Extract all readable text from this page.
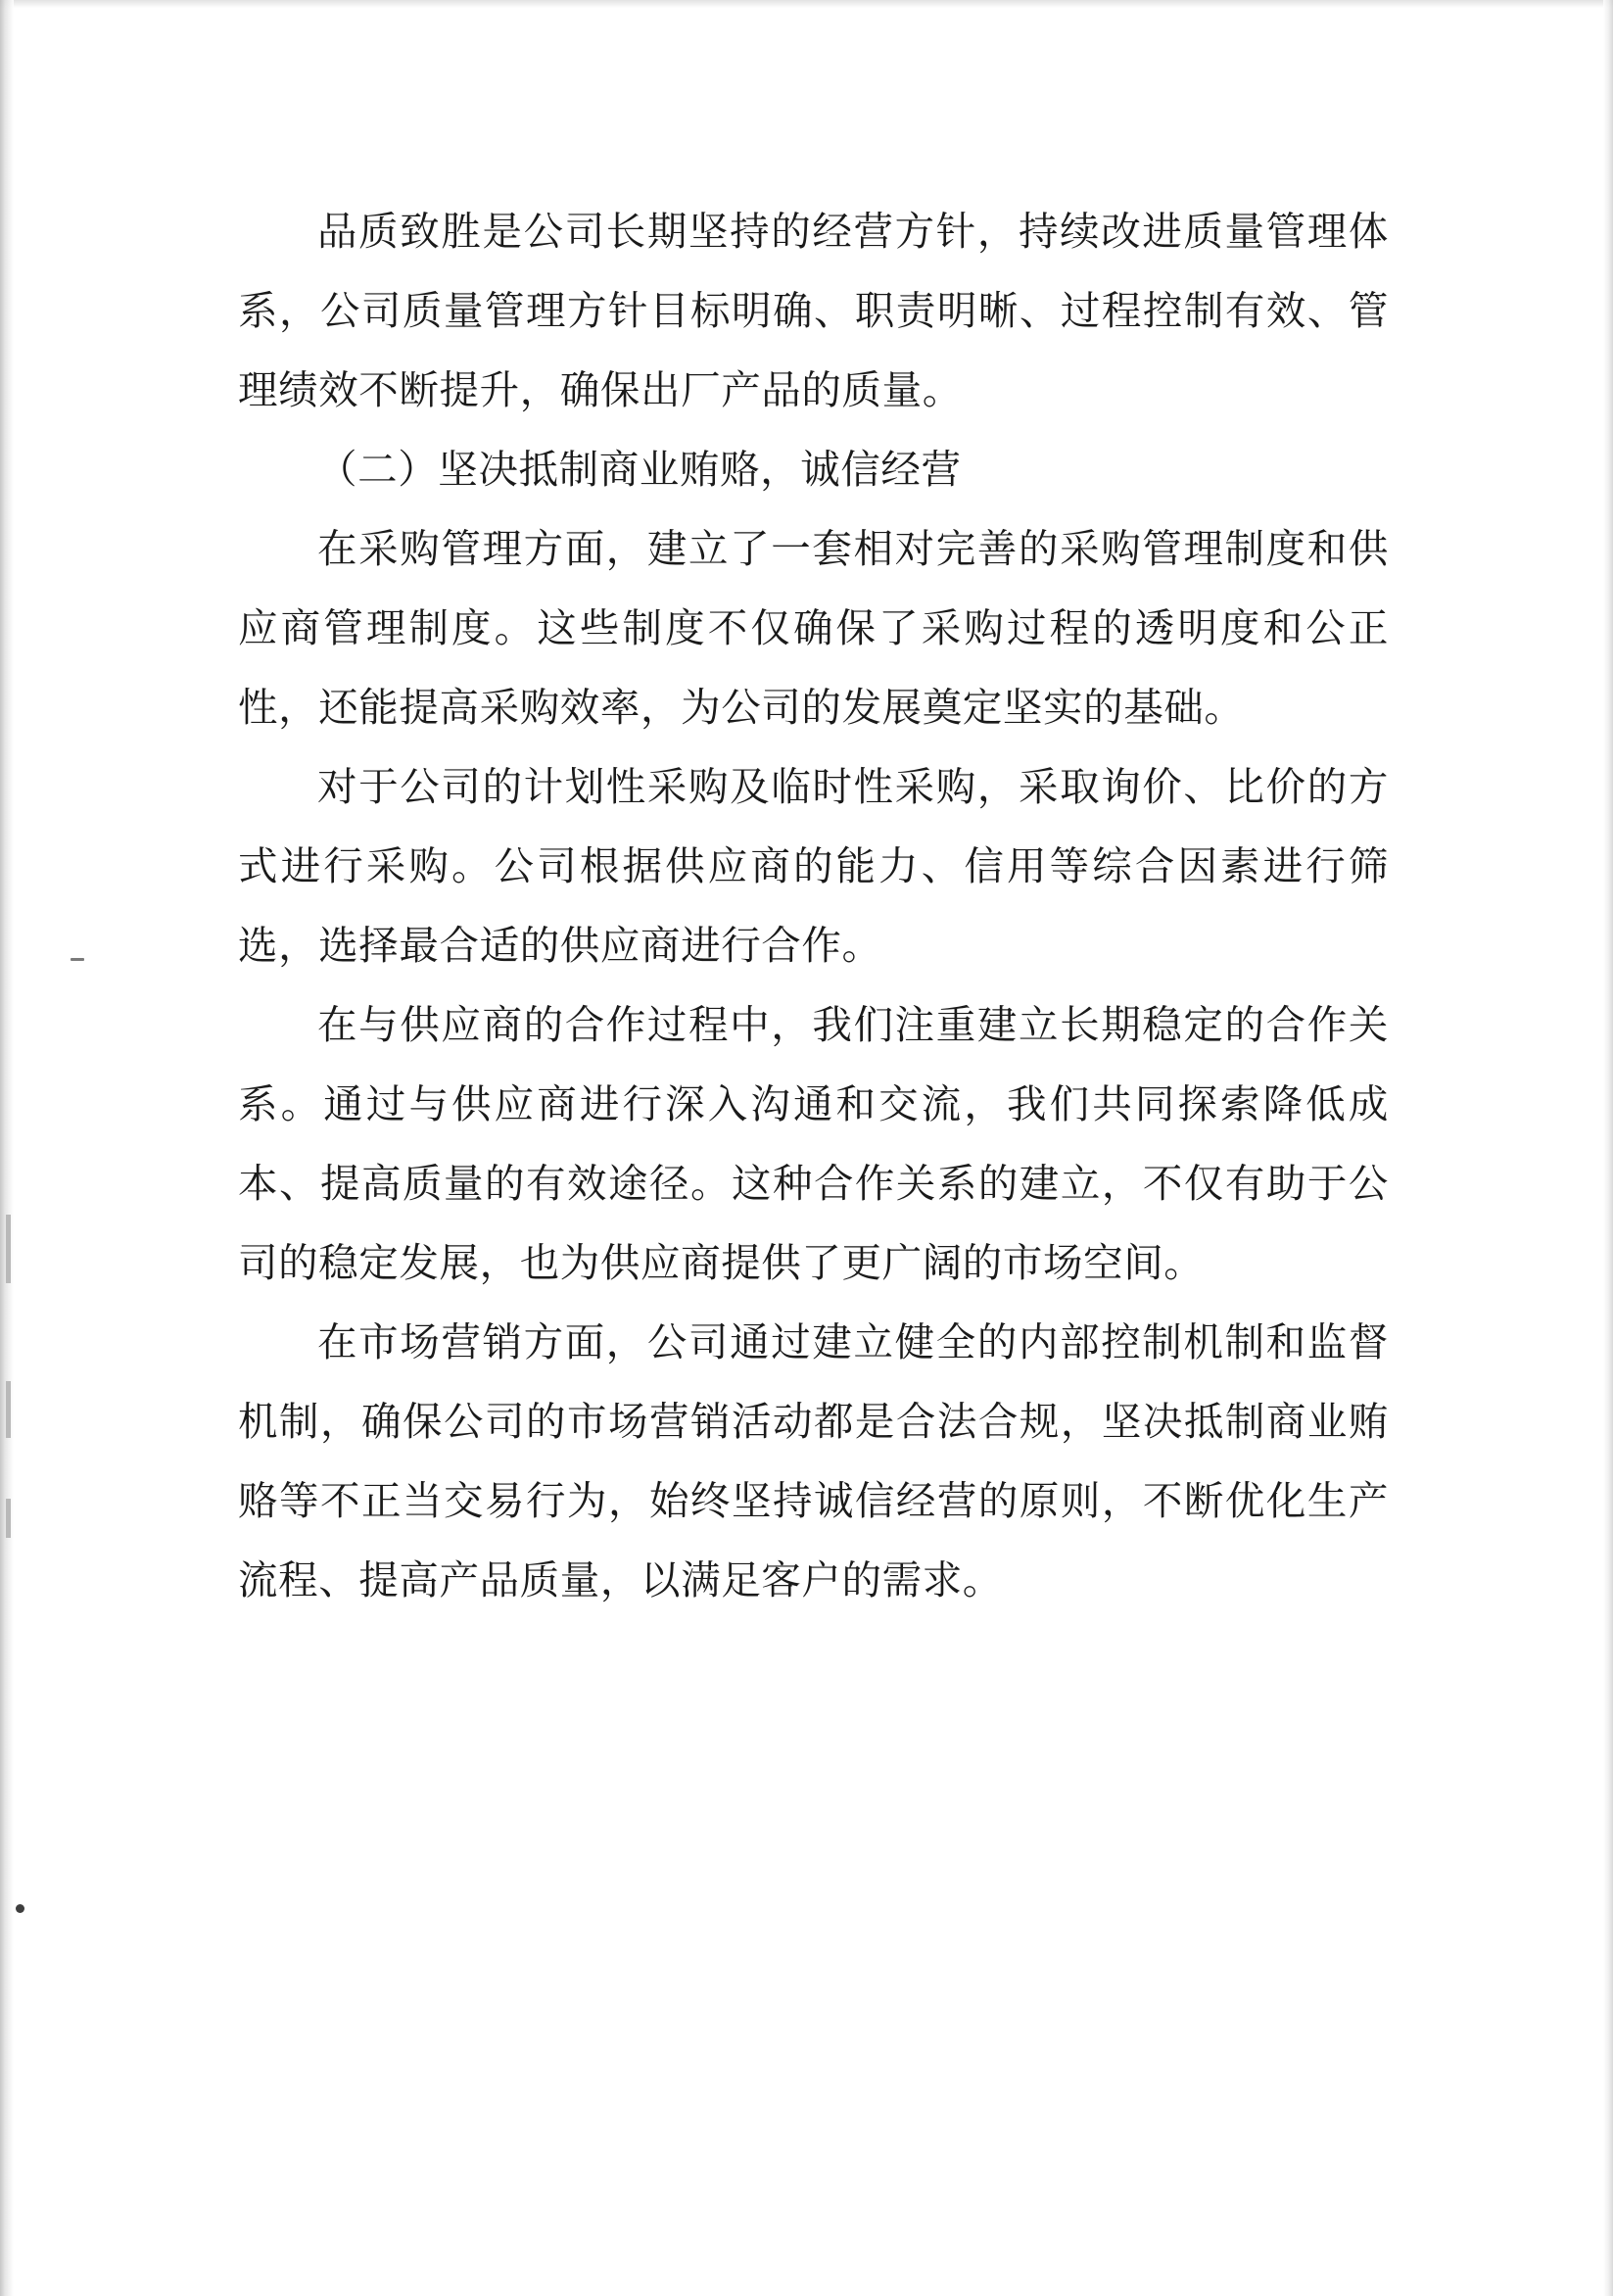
品质致胜是公司长期坚持的经营方针，持续改进质量管理体系，公司质量管理方针目标明确、职责明晰、过程控制有效、管理绩效不断提升，确保出厂产品的质量。

（二）坚决抵制商业贿赂，诚信经营

在采购管理方面，建立了一套相对完善的采购管理制度和供应商管理制度。这些制度不仅确保了采购过程的透明度和公正性，还能提高采购效率，为公司的发展奠定坚实的基础。

对于公司的计划性采购及临时性采购，采取询价、比价的方式进行采购。公司根据供应商的能力、信用等综合因素进行筛选，选择最合适的供应商进行合作。

在与供应商的合作过程中，我们注重建立长期稳定的合作关系。通过与供应商进行深入沟通和交流，我们共同探索降低成本、提高质量的有效途径。这种合作关系的建立，不仅有助于公司的稳定发展，也为供应商提供了更广阔的市场空间。

在市场营销方面，公司通过建立健全的内部控制机制和监督机制，确保公司的市场营销活动都是合法合规，坚决抵制商业贿赂等不正当交易行为，始终坚持诚信经营的原则，不断优化生产流程、提高产品质量，以满足客户的需求。
